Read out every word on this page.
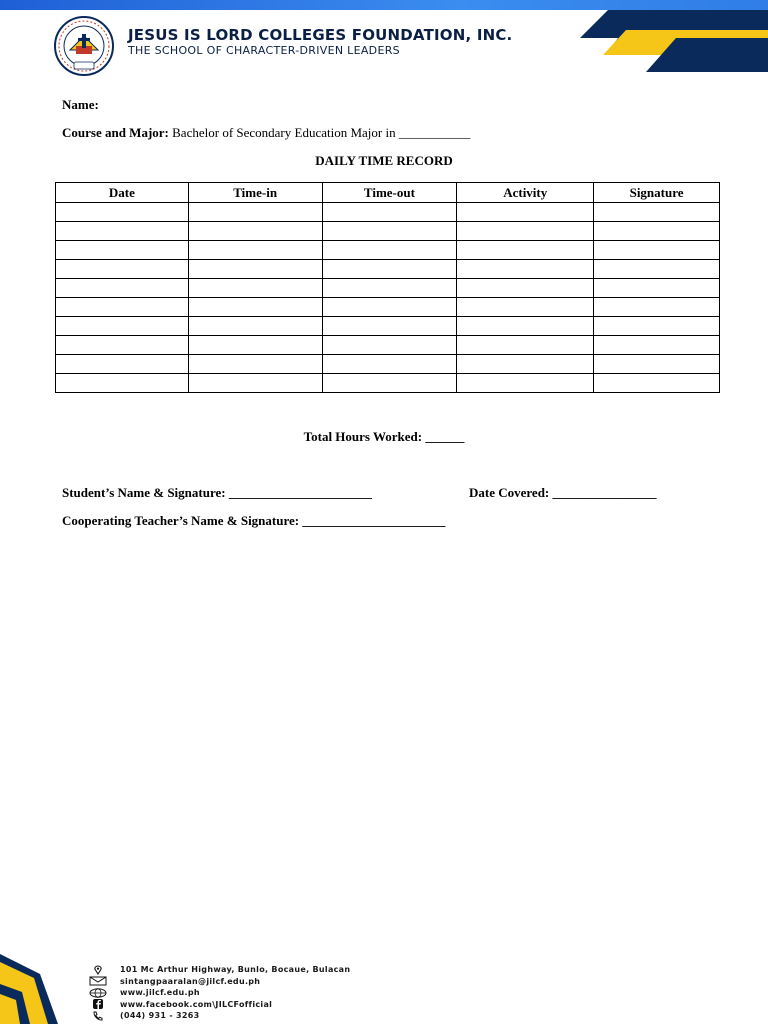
JESUS IS LORD COLLEGES FOUNDATION, INC.
THE SCHOOL OF CHARACTER-DRIVEN LEADERS
Name:
Course and Major: Bachelor of Secondary Education Major in ___________
DAILY TIME RECORD
Date	Time-in	Time-out	Activity	Signature

Total Hours Worked: ______
Student’s Name & Signature: ______________________	Date Covered: ________________
Cooperating Teacher’s Name & Signature: ______________________
101 Mc Arthur Highway, Bunlo, Bocaue, Bulacan
sintangpaaralan@jilcf.edu.ph
www.jilcf.edu.ph
www.facebook.com\JILCFofficial
(044) 931 - 3263
